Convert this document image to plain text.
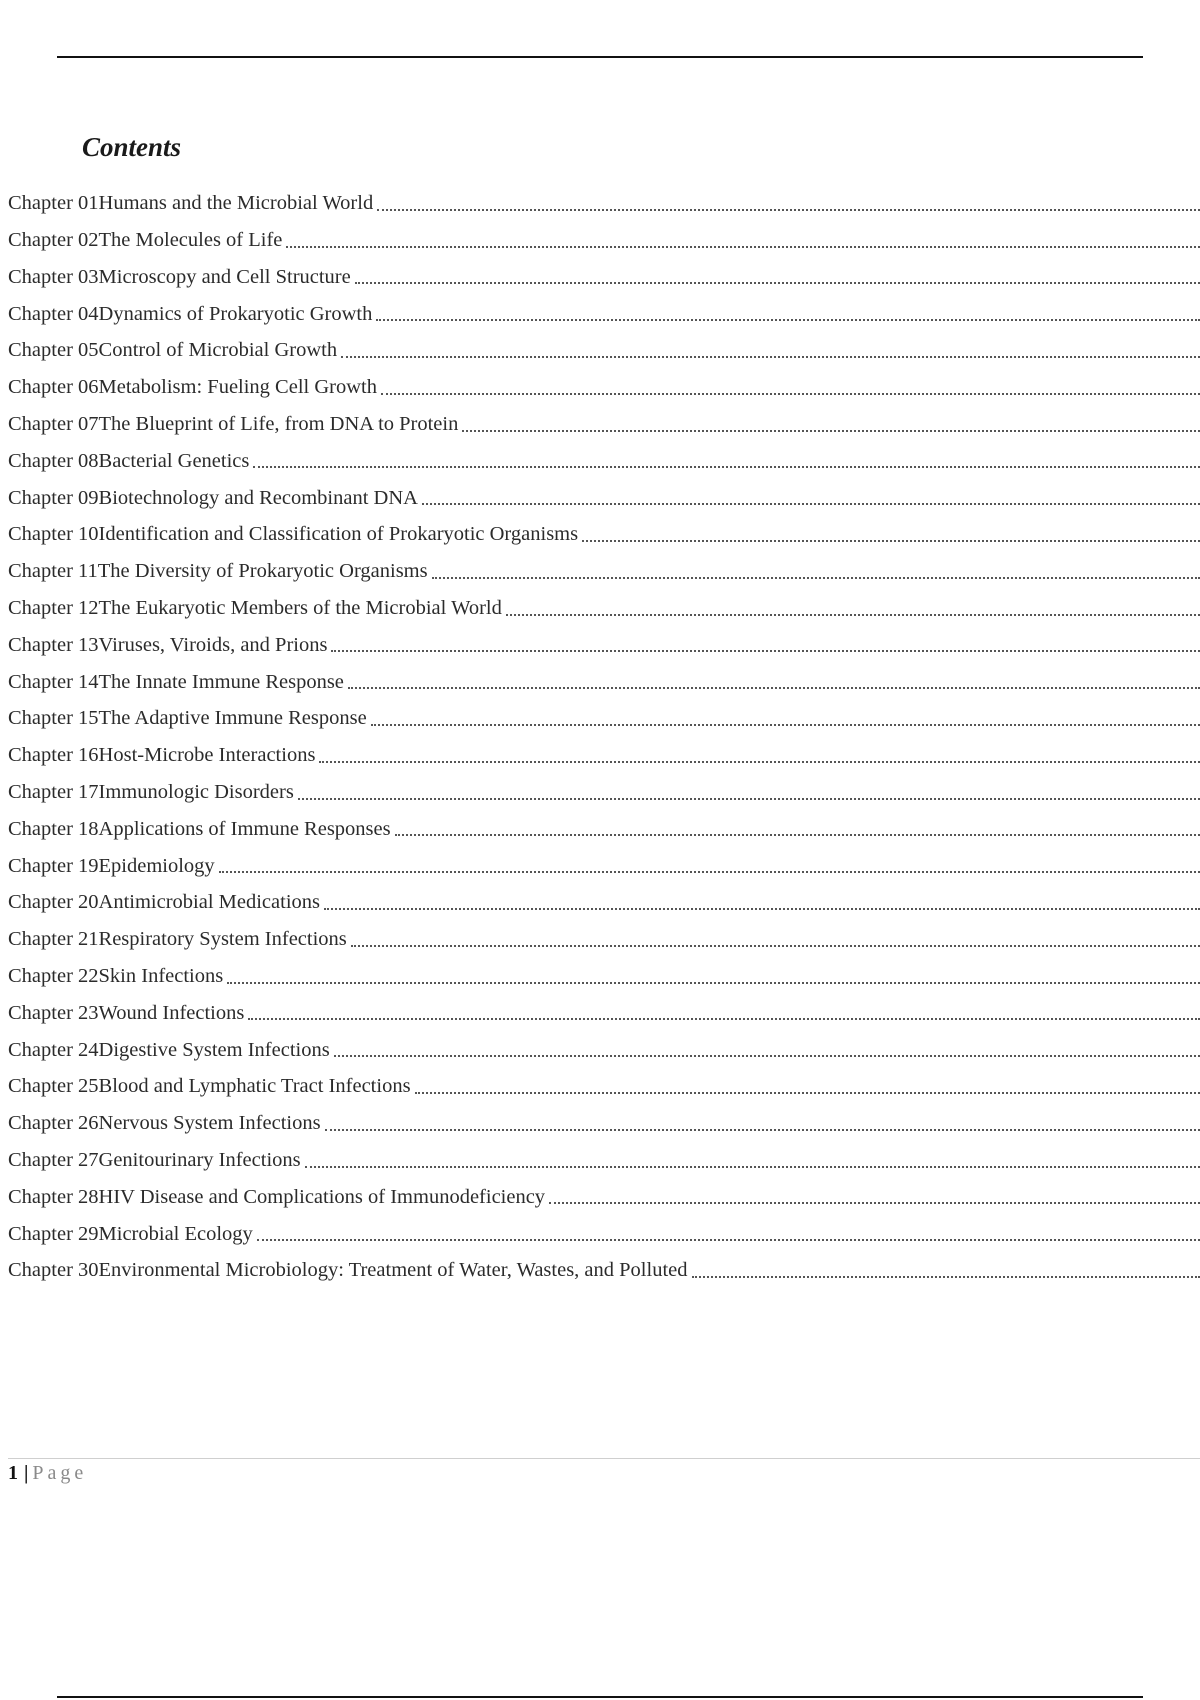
Contents
Chapter 01Humans and the Microbial World
Chapter 02The Molecules of Life
Chapter 03Microscopy and Cell Structure
Chapter 04Dynamics of Prokaryotic Growth
Chapter 05Control of Microbial Growth
Chapter 06Metabolism: Fueling Cell Growth
Chapter 07The Blueprint of Life, from DNA to Protein
Chapter 08Bacterial Genetics
Chapter 09Biotechnology and Recombinant DNA
Chapter 10Identification and Classification of Prokaryotic Organisms
Chapter 11The Diversity of Prokaryotic Organisms
Chapter 12The Eukaryotic Members of the Microbial World
Chapter 13Viruses, Viroids, and Prions
Chapter 14The Innate Immune Response
Chapter 15The Adaptive Immune Response
Chapter 16Host-Microbe Interactions
Chapter 17Immunologic Disorders
Chapter 18Applications of Immune Responses
Chapter 19Epidemiology
Chapter 20Antimicrobial Medications
Chapter 21Respiratory System Infections
Chapter 22Skin Infections
Chapter 23Wound Infections
Chapter 24Digestive System Infections
Chapter 25Blood and Lymphatic Tract Infections
Chapter 26Nervous System Infections
Chapter 27Genitourinary Infections
Chapter 28HIV Disease and Complications of Immunodeficiency
Chapter 29Microbial Ecology
Chapter 30Environmental Microbiology: Treatment of Water, Wastes, and Polluted
1 | Page
